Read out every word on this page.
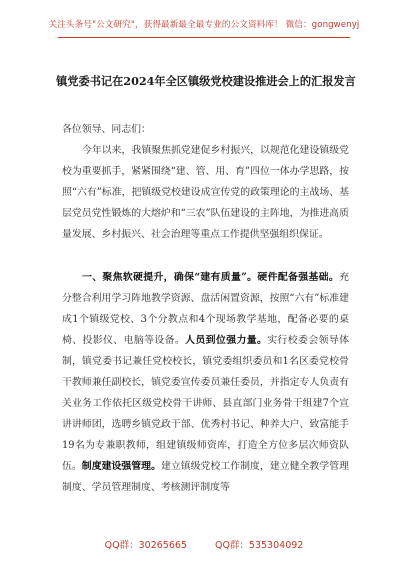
关注头条号"公文研究"，获得最新最全最专业的公文资料库！ 微信：gongwenyj
镇党委书记在2024年全区镇级党校建设推进会上的汇报发言
各位领导、同志们：
今年以来，我镇聚焦抓党建促乡村振兴，以规范化建设镇级党校为重要抓手，紧紧围绕“建、管、用、育”四位一体办学思路，按照“六有”标准，把镇级党校建设成宣传党的政策理论的主战场、基层党员党性锻炼的大熔炉和“三农”队伍建设的主阵地，为推进高质量发展、乡村振兴、社会治理等重点工作提供坚强组织保证。
一、聚焦软硬提升，确保“建有质量”。硬件配备强基础。充分整合利用学习阵地教学资源、盘活闲置资源，按照“六有”标准建成1个镇级党校、3个分教点和4个现场教学基地，配备必要的桌椅、投影仪、电脑等设备。人员到位强力量。实行校委会领导体制，镇党委书记兼任党校校长，镇党委组织委员和1名区委党校骨干教师兼任副校长，镇党委宣传委员兼任委员，并指定专人负责有关业务工作依托区级党校骨干讲师、县直部门业务骨干组建7个宣讲讲师团，选聘乡镇党政干部、优秀村书记、种养大户、致富能手19名为专兼职教师，组建镇级师资库，打造全方位多层次师资队伍。制度建设强管理。建立镇级党校工作制度，建立健全教学管理制度、学员管理制度、考核测评制度等
QQ群：30265665	QQ群：535304092
